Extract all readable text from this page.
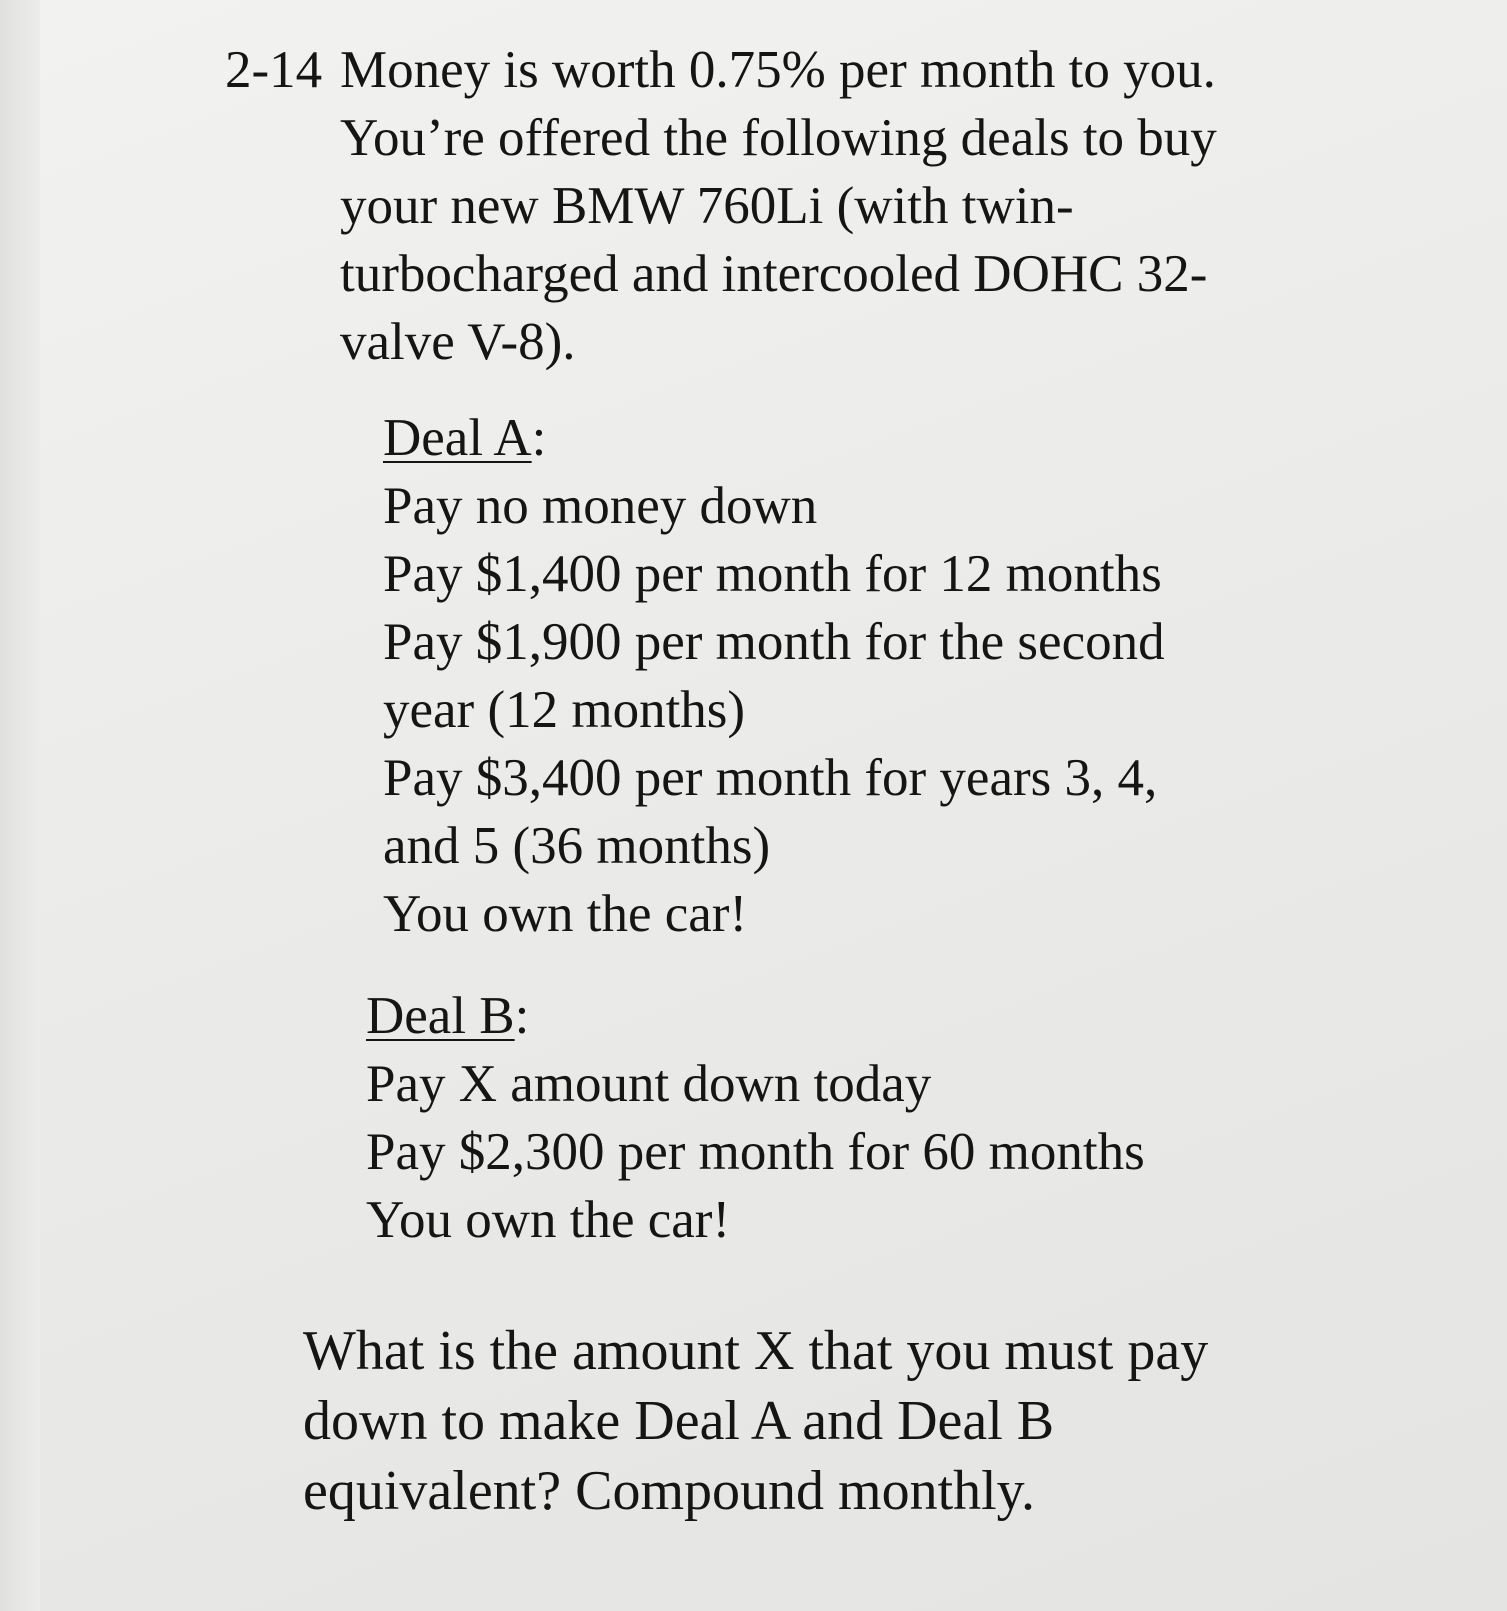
2-14 Money is worth 0.75% per month to you.
You’re offered the following deals to buy
your new BMW 760Li (with twin-
turbocharged and intercooled DOHC 32-
valve V-8).
Deal A:
Pay no money down
Pay $1,400 per month for 12 months
Pay $1,900 per month for the second
year (12 months)
Pay $3,400 per month for years 3, 4,
and 5 (36 months)
You own the car!
Deal B:
Pay X amount down today
Pay $2,300 per month for 60 months
You own the car!
What is the amount X that you must pay
down to make Deal A and Deal B
equivalent? Compound monthly.
